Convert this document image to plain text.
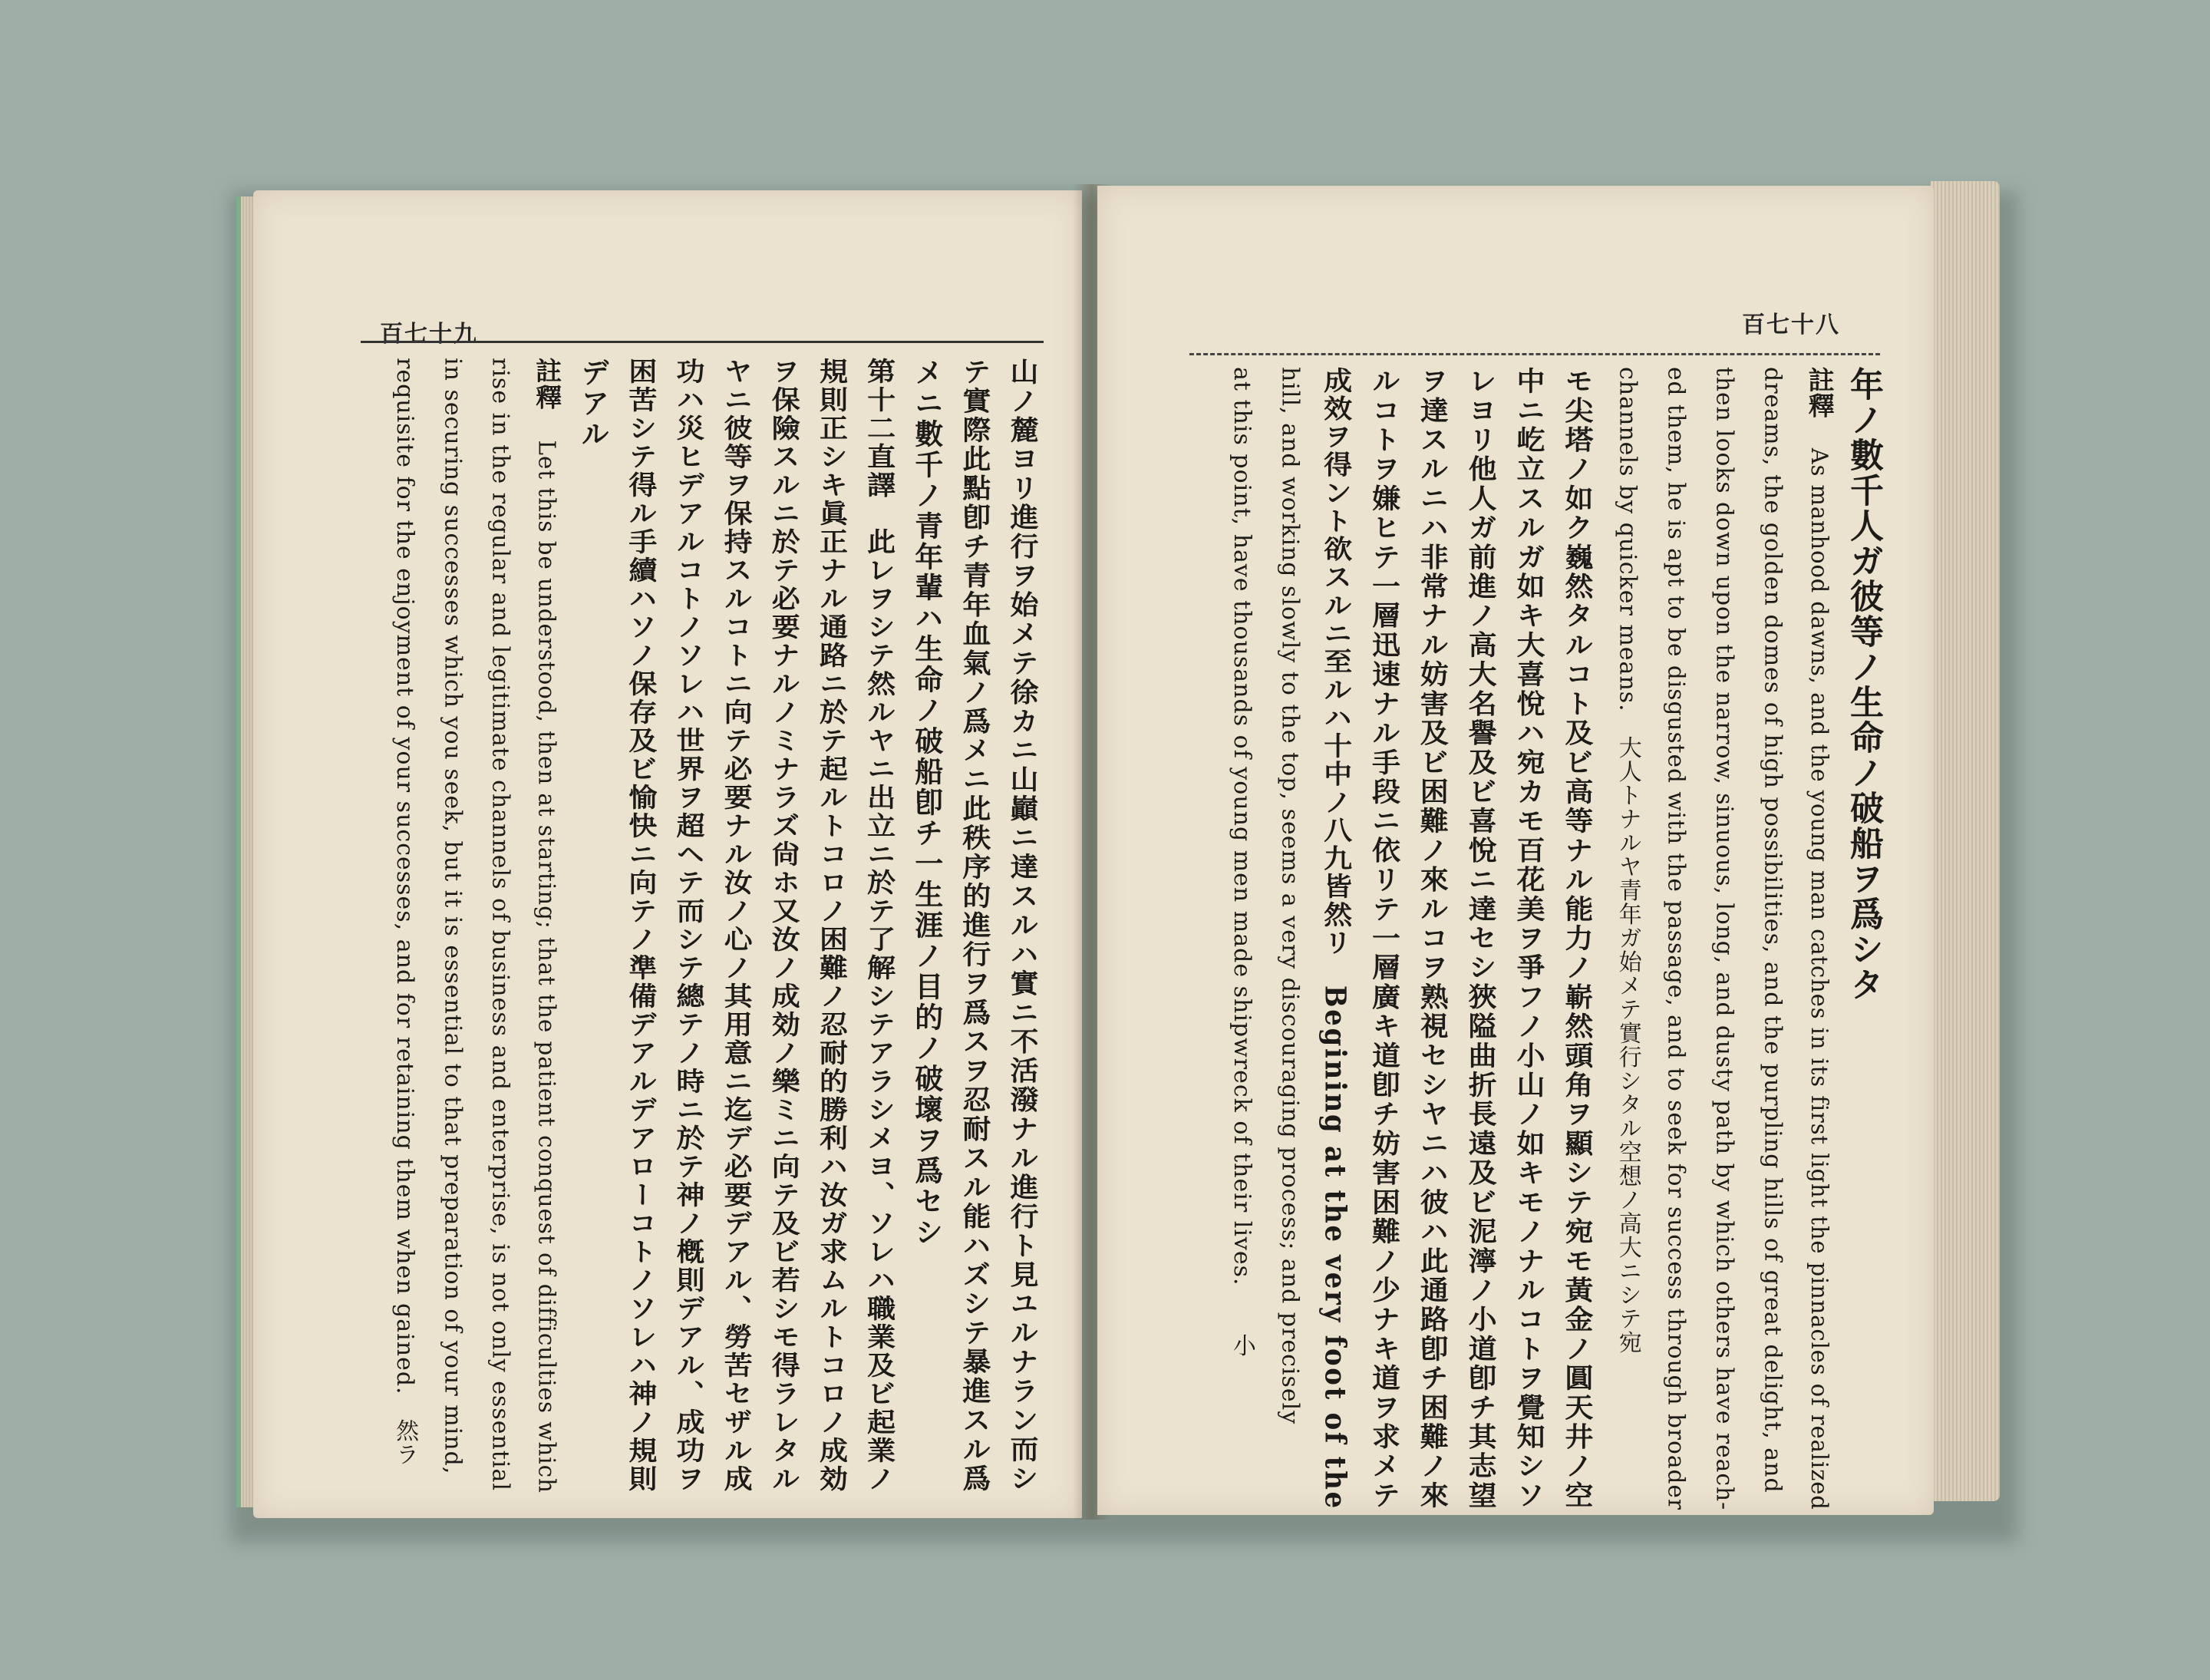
百七十九
山ノ麓ヨリ進行ヲ始メテ徐カニ山巓ニ達スルハ實ニ不活潑ナル進行ト見ユルナラン而シ
テ實際此點卽チ青年血氣ノ爲メニ此秩序的進行ヲ爲スヲ忍耐スル能ハズシテ暴進スル爲
メニ數千ノ青年輩ハ生命ノ破船卽チ一生涯ノ目的ノ破壞ヲ爲セシ
第十二直譯　此レヲシテ然ルヤニ出立ニ於テ了解シテアラシメヨ、ソレハ職業及ビ起業ノ
規則正シキ眞正ナル通路ニ於テ起ルトコロノ困難ノ忍耐的勝利ハ汝ガ求ムルトコロノ成効
ヲ保險スルニ於テ必要ナルノミナラズ尙ホ又汝ノ成効ノ樂ミニ向テ及ビ若シモ得ラレタル
ヤニ彼等ヲ保持スルコトニ向テ必要ナル汝ノ心ノ其用意ニ迄デ必要デアル、勞苦セザル成
功ハ災ヒデアルコトノソレハ世界ヲ超ヘテ而シテ總テノ時ニ於テ神ノ槪則デアル、成功ヲ
困苦シテ得ル手續ハソノ保存及ビ愉快ニ向テノ準備デアルデアローコトノソレハ神ノ規則
デアル
註釋Let this be understood, then at starting; that the patient conquest of difficulties which
rise in the regular and legitimate channels of business and enterprise, is not only essential
in securing successes which you seek, but it is essential to that preparation of your mind,
requisite for the enjoyment of your successes, and for retaining them when gained.　然ラ
百七十八
年ノ數千人ガ彼等ノ生命ノ破船ヲ爲シタ
註釋As manhood dawns, and the young man catches in its first light the pinnacles of realized
dreams, the golden domes of high possibilities, and the purpling hills of great delight, and
then looks down upon the narrow, sinuous, long, and dusty path by which others have reach-
ed them, he is apt to be disgusted with the passage, and to seek for success through broader
channels by quicker means.　大人トナルヤ青年ガ始メテ實行シタル空想ノ高大ニシテ宛
モ尖塔ノ如ク巍然タルコト及ビ高等ナル能力ノ嶄然頭角ヲ顯シテ宛モ黃金ノ圓天井ノ空
中ニ屹立スルガ如キ大喜悅ハ宛カモ百花美ヲ爭フノ小山ノ如キモノナルコトヲ覺知シソ
レヨリ他人ガ前進ノ高大名譽及ビ喜悅ニ達セシ狹隘曲折長遠及ビ泥濘ノ小道卽チ其志望
ヲ達スルニハ非常ナル妨害及ビ困難ノ來ルコヲ熟視セシヤニハ彼ハ此通路卽チ困難ノ來
ルコトヲ嫌ヒテ一層迅速ナル手段ニ依リテ一層廣キ道卽チ妨害困難ノ少ナキ道ヲ求メテ
成效ヲ得ント欲スルニ至ルハ十中ノ八九皆然リ　Begining at the very foot of the
hill, and working slowly to the top, seems a very discouraging process; and precisely
at this point, have thousands of young men made shipwreck of their lives.　　小
